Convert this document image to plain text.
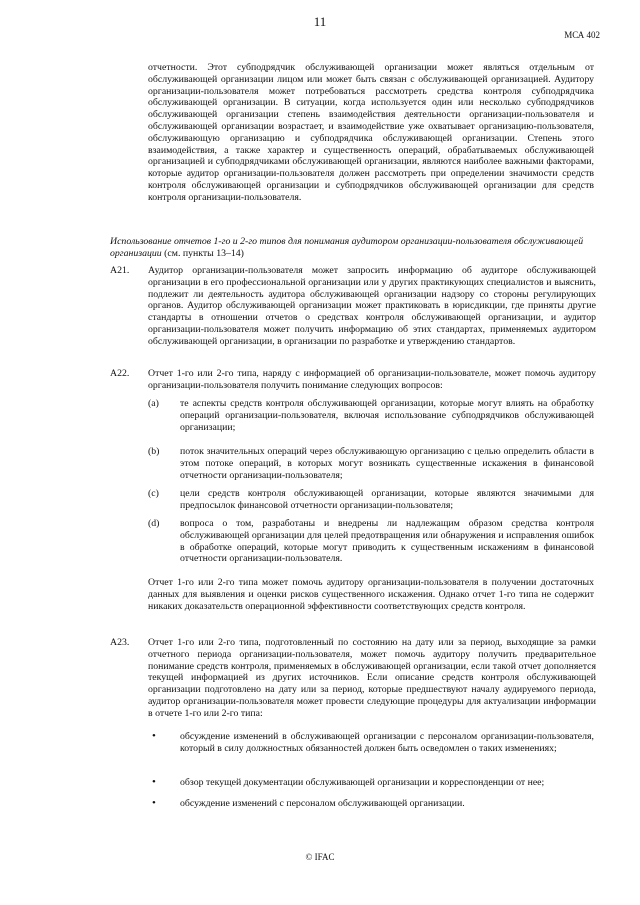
11
МСА 402

отчетности. Этот субподрядчик обслуживающей организации может являться отдельным от обслуживающей организации лицом или может быть связан с обслуживающей организацией. Аудитору организации-пользователя может потребоваться рассмотреть средства контроля субподрядчика обслуживающей организации. В ситуации, когда используется один или несколько субподрядчиков обслуживающей организации степень взаимодействия деятельности организации-пользователя и обслуживающей организации возрастает, и взаимодействие уже охватывает организацию-пользователя, обслуживающую организацию и субподрядчика обслуживающей организации. Степень этого взаимодействия, а также характер и существенность операций, обрабатываемых обслуживающей организацией и субподрядчиками обслуживающей организации, являются наиболее важными факторами, которые аудитор организации-пользователя должен рассмотреть при определении значимости средств контроля обслуживающей организации и субподрядчиков обслуживающей организации для средств контроля организации-пользователя.

Использование отчетов 1-го и 2-го типов для понимания аудитором организации-пользователя обслуживающей организации (см. пункты 13–14)

A21. Аудитор организации-пользователя может запросить информацию об аудиторе обслуживающей организации в его профессиональной организации или у других практикующих специалистов и выяснить, подлежит ли деятельность аудитора обслуживающей организации надзору со стороны регулирующих органов. Аудитор обслуживающей организации может практиковать в юрисдикции, где приняты другие стандарты в отношении отчетов о средствах контроля обслуживающей организации, и аудитор организации-пользователя может получить информацию об этих стандартах, применяемых аудитором обслуживающей организации, в организации по разработке и утверждению стандартов.
A22. Отчет 1-го или 2-го типа, наряду с информацией об организации-пользователе, может помочь аудитору организации-пользователя получить понимание следующих вопросов:
(a) те аспекты средств контроля обслуживающей организации, которые могут влиять на обработку операций организации-пользователя, включая использование субподрядчиков обслуживающей организации;
(b) поток значительных операций через обслуживающую организацию с целью определить области в этом потоке операций, в которых могут возникать существенные искажения в финансовой отчетности организации-пользователя;
(c) цели средств контроля обслуживающей организации, которые являются значимыми для предпосылок финансовой отчетности организации-пользователя;
(d) вопроса о том, разработаны и внедрены ли надлежащим образом средства контроля обслуживающей организации для целей предотвращения или обнаружения и исправления ошибок в обработке операций, которые могут приводить к существенным искажениям в финансовой отчетности организации-пользователя.

Отчет 1-го или 2-го типа может помочь аудитору организации-пользователя в получении достаточных данных для выявления и оценки рисков существенного искажения. Однако отчет 1-го типа не содержит никаких доказательств операционной эффективности соответствующих средств контроля.

A23. Отчет 1-го или 2-го типа, подготовленный по состоянию на дату или за период, выходящие за рамки отчетного периода организации-пользователя, может помочь аудитору получить предварительное понимание средств контроля, применяемых в обслуживающей организации, если такой отчет дополняется текущей информацией из других источников. Если описание средств контроля обслуживающей организации подготовлено на дату или за период, которые предшествуют началу аудируемого периода, аудитор организации-пользователя может провести следующие процедуры для актуализации информации в отчете 1-го или 2-го типа:
• обсуждение изменений в обслуживающей организации с персоналом организации-пользователя, который в силу должностных обязанностей должен быть осведомлен о таких изменениях;
• обзор текущей документации обслуживающей организации и корреспонденции от нее;
• обсуждение изменений с персоналом обслуживающей организации.
© IFAC
